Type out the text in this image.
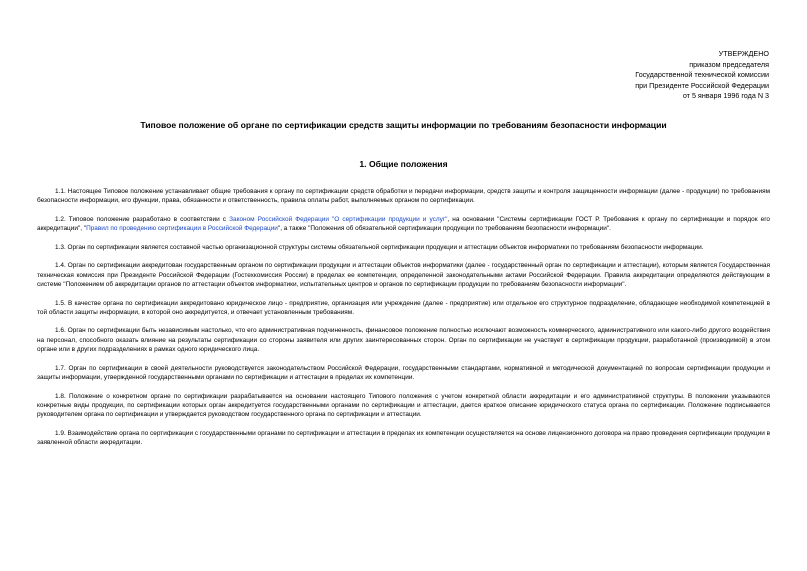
УТВЕРЖДЕНО
приказом председателя
Государственной технической комиссии
при Президенте Российской Федерации
от 5 января 1996 года N 3
Типовое положение об органе по сертификации средств защиты информации по требованиям безопасности информации
1. Общие положения

1.1. Настоящее Типовое положение устанавливает общие требования к органу по сертификации средств обработки и передачи информации, средств защиты и контроля защищенности информации (далее - продукции) по требованиям безопасности информации, его функции, права, обязанности и ответственность, правила оплаты работ, выполняемых органом по сертификации.

1.2. Типовое положение разработано в соответствии с Законом Российской Федерации "О сертификации продукции и услуг", на основании "Системы сертификации ГОСТ Р. Требования к органу по сертификации и порядок его аккредитации", "Правил по проведению сертификации в Российской Федерации", а также "Положения об обязательной сертификации продукции по требованиям безопасности информации".

1.3. Орган по сертификации является составной частью организационной структуры системы обязательной сертификации продукции и аттестации объектов информатики по требованиям безопасности информации.

1.4. Орган по сертификации аккредитован государственным органом по сертификации продукции и аттестации объектов информатики (далее - государственный орган по сертификации и аттестации), которым является Государственная техническая комиссия при Президенте Российской Федерации (Гостехкомиссия России) в пределах ее компетенции, определенной законодательными актами Российской Федерации. Правила аккредитации определяются действующим в системе "Положением об аккредитации органов по аттестации объектов информатики, испытательных центров и органов по сертификации продукции по требованиям безопасности информации".

1.5. В качестве органа по сертификации аккредитовано юридическое лицо - предприятие, организация или учреждение (далее - предприятие) или отдельное его структурное подразделение, обладающее необходимой компетенцией в той области защиты информации, в которой оно аккредитуется, и отвечает установленным требованиям.

1.6. Орган по сертификации быть независимым настолько, что его административная подчиненность, финансовое положение полностью исключают возможность коммерческого, административного или какого-либо другого воздействия на персонал, способного оказать влияние на результаты сертификации со стороны заявителя или других заинтересованных сторон. Орган по сертификации не участвует в сертификации продукции, разработанной (производимой) в этом органе или в других подразделениях в рамках одного юридического лица.

1.7. Орган по сертификации в своей деятельности руководствуется законодательством Российской Федерации, государственными стандартами, нормативной и методической документацией по вопросам сертификации продукции и защиты информации, утвержденной государственными органами по сертификации и аттестации в пределах их компетенции.

1.8. Положение о конкретном органе по сертификации разрабатывается на основании настоящего Типового положения с учетом конкретной области аккредитации и его административной структуры. В положении указываются конкретные виды продукции, по сертификации которых орган аккредитуется государственными органами по сертификации и аттестации, дается краткое описание юридического статуса органа по сертификации. Положение подписывается руководителем органа по сертификации и утверждается руководством государственного органа по сертификации и аттестации.

1.9. Взаимодействие органа по сертификации с государственными органами по сертификации и аттестации в пределах их компетенции осуществляется на основе лицензионного договора на право проведения сертификации продукции в заявленной области аккредитации.
